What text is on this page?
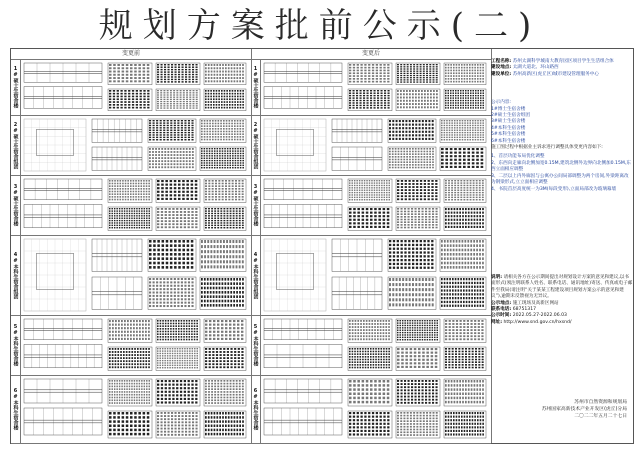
规划方案批前公示(二)
变更前	变更后
1#硕士生宿舍楼
2#硕士生宿舍组团
3#硕士生宿舍楼
4#本科生宿舍组团
5#本科生宿舍楼
6#本科生宿舍楼
1#硕士生宿舍楼
2#硕士生宿舍组团
3#硕士生宿舍楼
4#本科生宿舍组团
5#本科生宿舍楼
6#本科生宿舍楼
工程名称: 苏州太湖科学城南大教育园区项目学生生活组合体
建设地点: 太湖大道北、环山路西
建设单位: 苏州高新区(虎丘区)城市建设管理服务中心
公示内容:
1#博士生宿舍楼
2#硕士生宿舍组团
3#硕士生宿舍楼
4#本科生宿舍楼
5#本科生宿舍楼
6#本科生宿舍楼
施工图过程中根据业主诉求进行调整具体变更内容如下:
1、首层功能布局优化调整
2、东西向走廊向北侧加宽0.15M,建筑北侧外边界向北侧加0.15M,东西立面相应调整
3、二层以上内外廊因与公寓办公间局部调整为两个房间,外梁距离改为钢梁形式,立立面相应调整
4、书院首层高度统一为3M(每段变形),立面局部改为玻璃幕墙
说明: 请相关各方在公示期间提出对规划设计方案的意见和建议,以书面形式(须注明联系人姓名、联系电话、通讯地址)寄送、传真或电子邮件至我局(请注明“关于某某工程建设项目规划方案公示的意见和建议”),逾期未反馈视为无异议。
公示地点: 施工现场及高新区网站
联系电话: 68751317
公示时间: 2022.05.27-2022.06.03
网址: http://www.snd.gov.cn/hxsnd/
苏州市自然资源和规划局
苏州国家高新技术产业开发区(虎丘)分局
二〇二二年五月二十七日
